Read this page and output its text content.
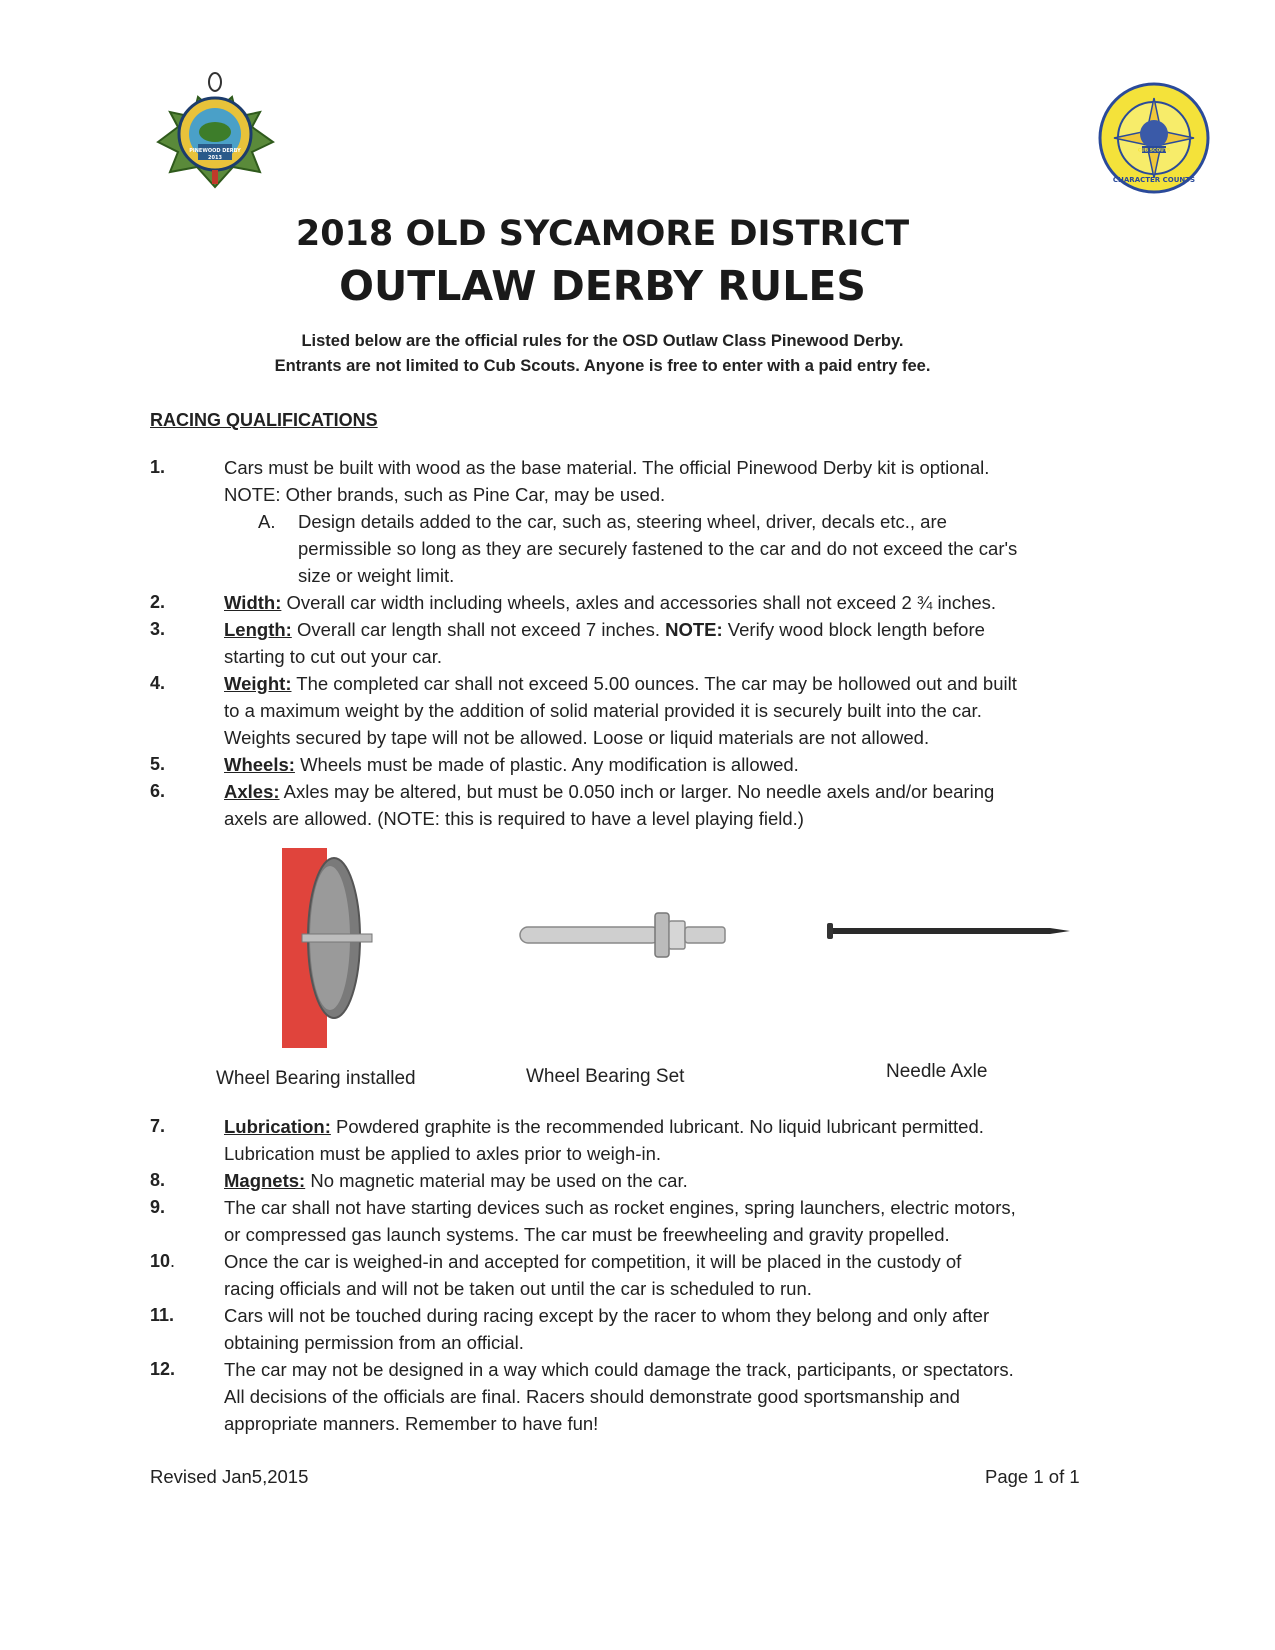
PINEWOOD DERBY
2013
CUB SCOUTS
CHARACTER COUNTS
2018 OLD SYCAMORE DISTRICT
OUTLAW DERBY RULES
Listed below are the official rules for the OSD Outlaw Class Pinewood Derby.
Entrants are not limited to Cub Scouts. Anyone is free to enter with a paid entry fee.
RACING QUALIFICATIONS
1.	Cars must be built with wood as the base material. The official Pinewood Derby kit is optional.
NOTE: Other brands, such as Pine Car, may be used.
A. Design details added to the car, such as, steering wheel, driver, decals etc., are
permissible so long as they are securely fastened to the car and do not exceed the car's
size or weight limit.
2.	Width: Overall car width including wheels, axles and accessories shall not exceed 2 ¾ inches.
3.	Length: Overall car length shall not exceed 7 inches. NOTE: Verify wood block length before
starting to cut out your car.
4.	Weight: The completed car shall not exceed 5.00 ounces. The car may be hollowed out and built
to a maximum weight by the addition of solid material provided it is securely built into the car.
Weights secured by tape will not be allowed. Loose or liquid materials are not allowed.
5.	Wheels: Wheels must be made of plastic. Any modification is allowed.
6.	Axles: Axles may be altered, but must be 0.050 inch or larger. No needle axels and/or bearing
axels are allowed. (NOTE: this is required to have a level playing field.)
Wheel Bearing installed	Wheel Bearing Set	Needle Axle
7.	Lubrication: Powdered graphite is the recommended lubricant. No liquid lubricant permitted.
Lubrication must be applied to axles prior to weigh-in.
8.	Magnets: No magnetic material may be used on the car.
9.	The car shall not have starting devices such as rocket engines, spring launchers, electric motors,
or compressed gas launch systems. The car must be freewheeling and gravity propelled.
10.	Once the car is weighed-in and accepted for competition, it will be placed in the custody of
racing officials and will not be taken out until the car is scheduled to run.
11.	Cars will not be touched during racing except by the racer to whom they belong and only after
obtaining permission from an official.
12.	The car may not be designed in a way which could damage the track, participants, or spectators.
All decisions of the officials are final. Racers should demonstrate good sportsmanship and
appropriate manners. Remember to have fun!
Revised Jan5,2015	Page 1 of 1
